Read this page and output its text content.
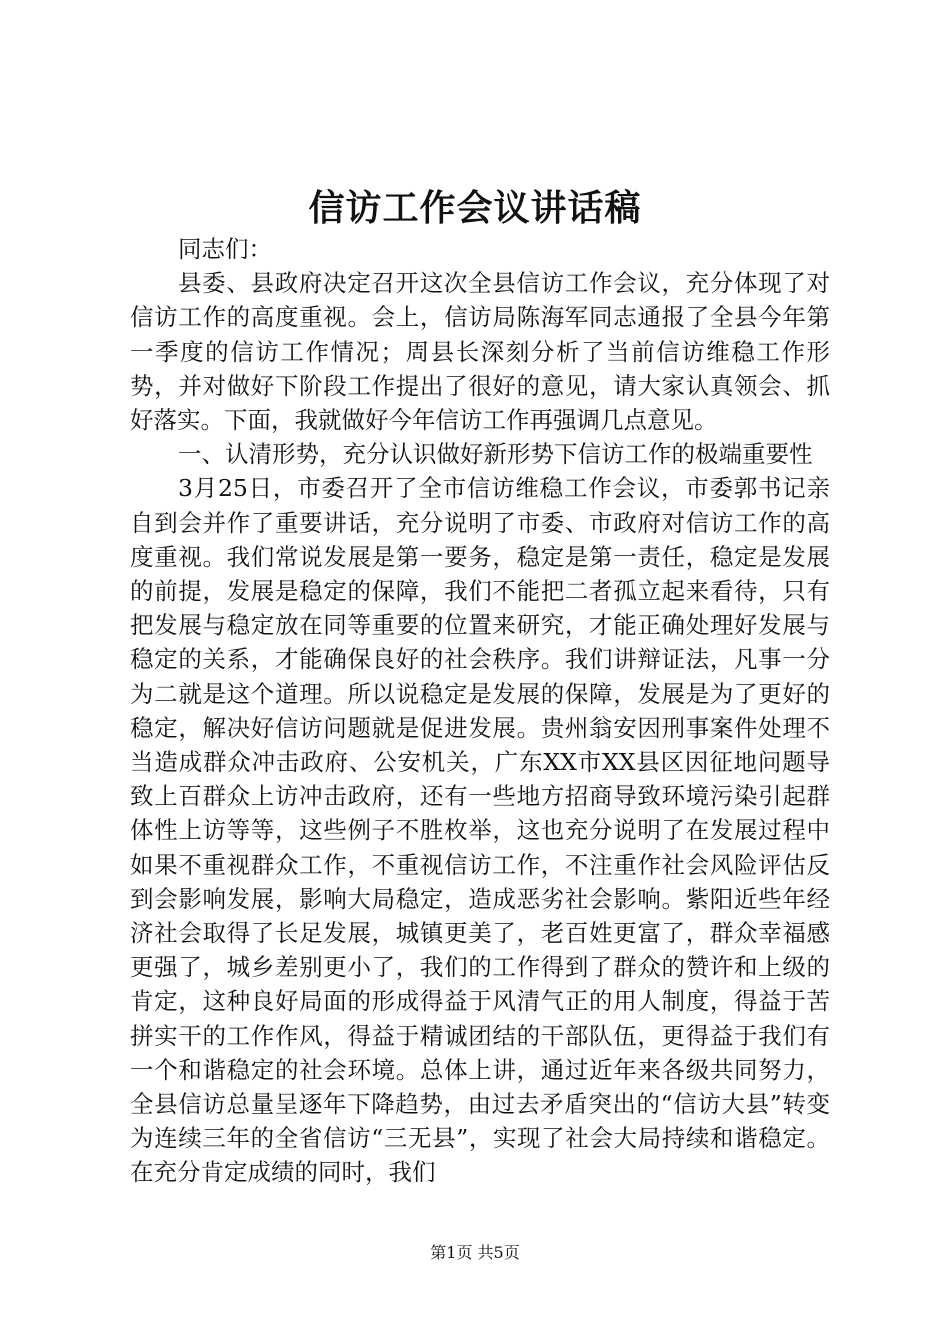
信访工作会议讲话稿

同志们：

县委、县政府决定召开这次全县信访工作会议，充分体现了对信访工作的高度重视。会上，信访局陈海军同志通报了全县今年第一季度的信访工作情况；周县长深刻分析了当前信访维稳工作形势，并对做好下阶段工作提出了很好的意见，请大家认真领会、抓好落实。下面，我就做好今年信访工作再强调几点意见。

一、认清形势，充分认识做好新形势下信访工作的极端重要性

3月25日，市委召开了全市信访维稳工作会议，市委郭书记亲自到会并作了重要讲话，充分说明了市委、市政府对信访工作的高度重视。我们常说发展是第一要务，稳定是第一责任，稳定是发展的前提，发展是稳定的保障，我们不能把二者孤立起来看待，只有把发展与稳定放在同等重要的位置来研究，才能正确处理好发展与稳定的关系，才能确保良好的社会秩序。我们讲辩证法，凡事一分为二就是这个道理。所以说稳定是发展的保障，发展是为了更好的稳定，解决好信访问题就是促进发展。贵州翁安因刑事案件处理不当造成群众冲击政府、公安机关，广东XX市XX县区因征地问题导致上百群众上访冲击政府，还有一些地方招商导致环境污染引起群体性上访等等，这些例子不胜枚举，这也充分说明了在发展过程中如果不重视群众工作，不重视信访工作，不注重作社会风险评估反到会影响发展，影响大局稳定，造成恶劣社会影响。紫阳近些年经济社会取得了长足发展，城镇更美了，老百姓更富了，群众幸福感更强了，城乡差别更小了，我们的工作得到了群众的赞许和上级的肯定，这种良好局面的形成得益于风清气正的用人制度，得益于苦拼实干的工作作风，得益于精诚团结的干部队伍，更得益于我们有一个和谐稳定的社会环境。总体上讲，通过近年来各级共同努力，全县信访总量呈逐年下降趋势，由过去矛盾突出的“信访大县”转变为连续三年的全省信访“三无县”，实现了社会大局持续和谐稳定。在充分肯定成绩的同时，我们

第1页 共5页
